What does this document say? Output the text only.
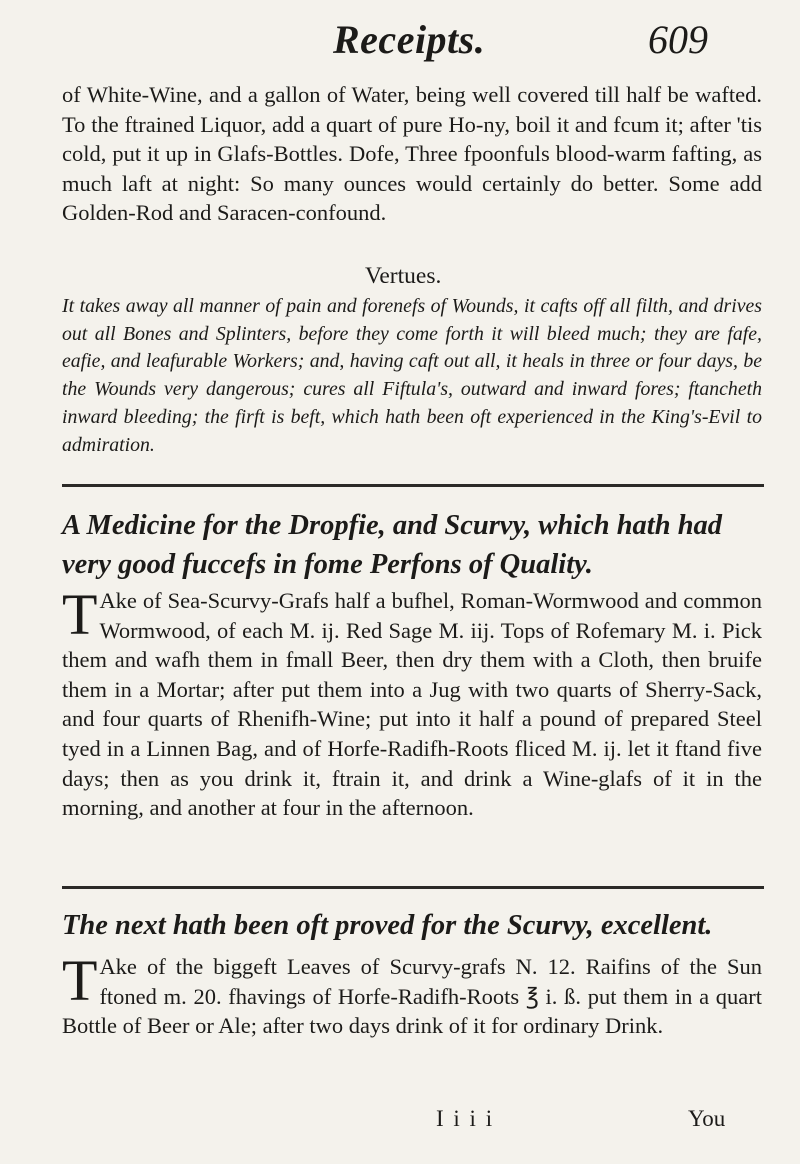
Receipts.	609
of White-Wine, and a gallon of Water, being well covered till half be wafted. To the ftrained Liquor, add a quart of pure Ho-ny, boil it and fcum it; after 'tis cold, put it up in Glafs-Bottles. Dofe, Three fpoonfuls blood-warm fafting, as much laft at night: So many ounces would certainly do better. Some add Golden-Rod and Saracen-confound.
Vertues.
It takes away all manner of pain and forenefs of Wounds, it cafts off all filth, and drives out all Bones and Splinters, before they come forth it will bleed much; they are fafe, eafie, and leafurable Workers; and, having caft out all, it heals in three or four days, be the Wounds very dangerous; cures all Fiftula's, outward and inward fores; ftancheth inward bleeding; the firft is beft, which hath been oft experienced in the King's-Evil to admiration.
A Medicine for the Dropfie, and Scurvy, which hath had very good fuccefs in fome Perfons of Quality.
T Ake of Sea-Scurvy-Grafs half a bufhel, Roman-Wormwood and common Wormwood, of each M. ij. Red Sage M. iij. Tops of Rofemary M. i. Pick them and wafh them in fmall Beer, then dry them with a Cloth, then bruife them in a Mortar; after put them into a Jug with two quarts of Sherry-Sack, and four quarts of Rhenifh-Wine; put into it half a pound of prepared Steel tyed in a Linnen Bag, and of Horfe-Radifh-Roots fliced M. ij. let it ftand five days; then as you drink it, ftrain it, and drink a Wine-glafs of it in the morning, and another at four in the afternoon.
The next hath been oft proved for the Scurvy, excellent.
T Ake of the biggeft Leaves of Scurvy-grafs N. 12. Raifins of the Sun ftoned m. 20. fhavings of Horfe-Radifh-Roots ℥ i. ß. put them in a quart Bottle of Beer or Ale; after two days drink of it for ordinary Drink.
I i i i	You
